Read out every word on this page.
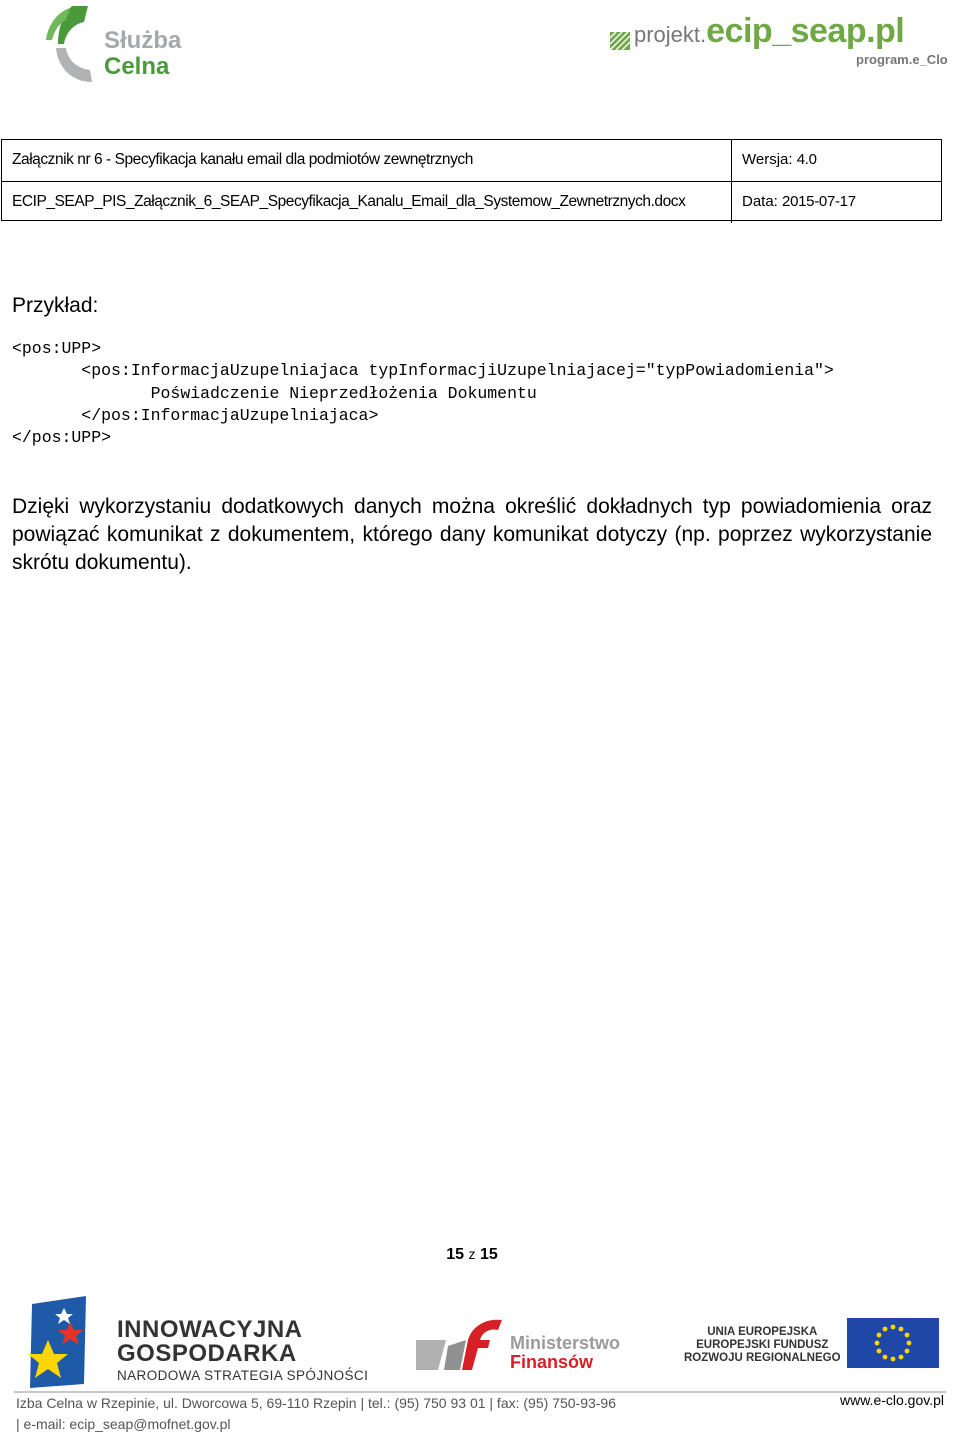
Służba
Celna
projekt.ecip_seap.pl
program.e_Clo
Załącznik nr 6 - Specyfikacja kanału email dla podmiotów zewnętrznych	Wersja: 4.0
ECIP_SEAP_PIS_Załącznik_6_SEAP_Specyfikacja_Kanalu_Email_dla_Systemow_Zewnetrznych.docx	Data: 2015-07-17
Przykład:
<pos:UPP>
<pos:InformacjaUzupelniajaca typInformacjiUzupelniajacej="typPowiadomienia">
Poświadczenie Nieprzedłożenia Dokumentu
</pos:InformacjaUzupelniajaca>
</pos:UPP>

Dzięki wykorzystaniu dodatkowych danych można określić dokładnych typ powiadomienia oraz powiązać komunikat z dokumentem, którego dany komunikat dotyczy (np. poprzez wykorzystanie skrótu dokumentu).

15 z 15
INNOWACYJNA
GOSPODARKA
NARODOWA STRATEGIA SPÓJNOŚCI
Ministerstwo
Finansów
UNIA EUROPEJSKA
EUROPEJSKI FUNDUSZ
ROZWOJU REGIONALNEGO
Izba Celna w Rzepinie, ul. Dworcowa 5, 69-110 Rzepin | tel.: (95) 750 93 01 | fax: (95) 750-93-96
| e-mail: ecip_seap@mofnet.gov.pl
www.e-clo.gov.pl
